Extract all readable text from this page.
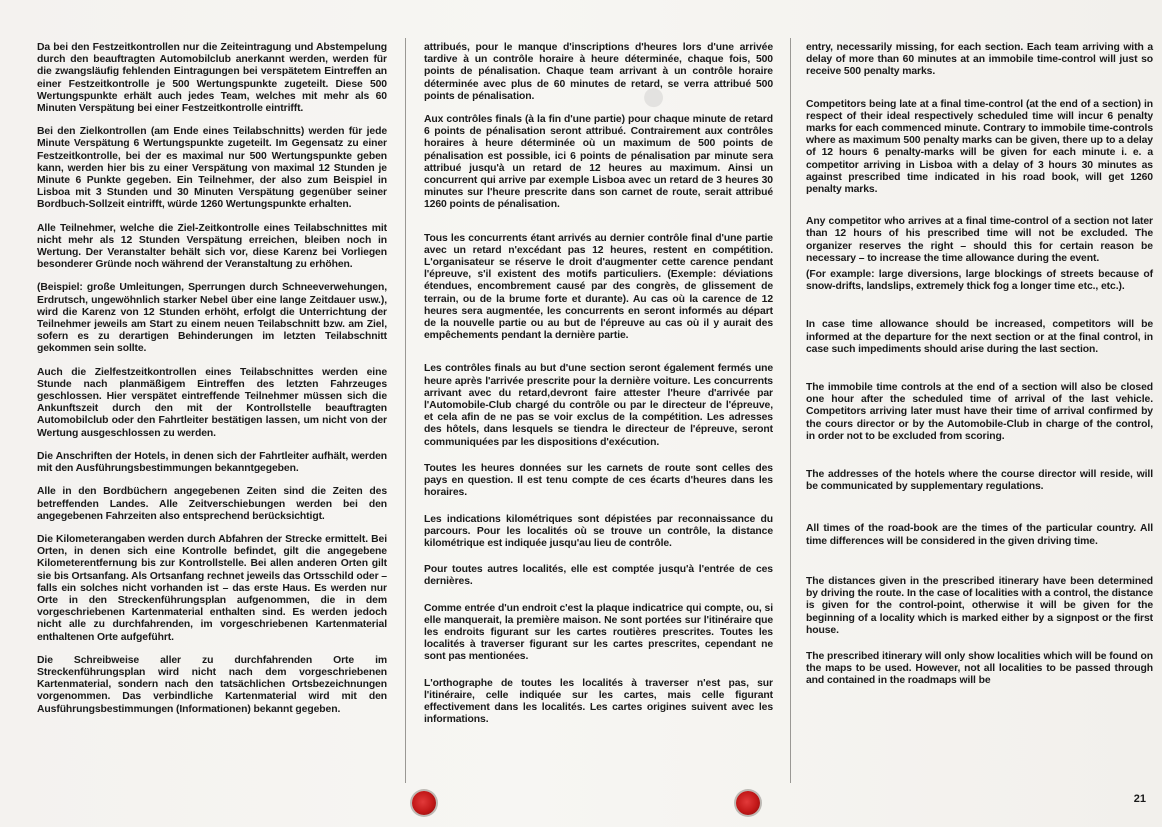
●

Da bei den Festzeitkontrollen nur die Zeiteintragung und Abstempelung durch den beauftragten Automobilclub anerkannt werden, werden für die zwangsläufig fehlenden Eintragungen bei verspätetem Eintreffen an einer Festzeitkontrolle je 500 Wertungspunkte zugeteilt. Diese 500 Wertungspunkte erhält auch jedes Team, welches mit mehr als 60 Minuten Verspätung bei einer Festzeitkontrolle eintrifft.

Bei den Zielkontrollen (am Ende eines Teilabschnitts) werden für jede Minute Verspätung 6 Wertungspunkte zugeteilt. Im Gegensatz zu einer Festzeitkontrolle, bei der es maximal nur 500 Wertungspunkte geben kann, werden hier bis zu einer Verspätung von maximal 12 Stunden je Minute 6 Punkte gegeben. Ein Teilnehmer, der also zum Beispiel in Lisboa mit 3 Stunden und 30 Minuten Verspätung gegenüber seiner Bordbuch-Sollzeit eintrifft, würde 1260 Wertungspunkte erhalten.

Alle Teilnehmer, welche die Ziel-Zeitkontrolle eines Teilabschnittes mit nicht mehr als 12 Stunden Verspätung erreichen, bleiben noch in Wertung. Der Veranstalter behält sich vor, diese Karenz bei Vorliegen besonderer Gründe noch während der Veranstaltung zu erhöhen.

(Beispiel: große Umleitungen, Sperrungen durch Schneeverwehungen, Erdrutsch, ungewöhnlich starker Nebel über eine lange Zeitdauer usw.), wird die Karenz von 12 Stunden erhöht, erfolgt die Unterrichtung der Teilnehmer jeweils am Start zu einem neuen Teilabschnitt bzw. am Ziel, sofern es zu derartigen Behinderungen im letzten Teilabschnitt gekommen sein sollte.

Auch die Zielfestzeitkontrollen eines Teilabschnittes werden eine Stunde nach planmäßigem Eintreffen des letzten Fahrzeuges geschlossen. Hier verspätet eintreffende Teilnehmer müssen sich die Ankunftszeit durch den mit der Kontrollstelle beauftragten Automobilclub oder den Fahrtleiter bestätigen lassen, um nicht von der Wertung ausgeschlossen zu werden.

Die Anschriften der Hotels, in denen sich der Fahrtleiter aufhält, werden mit den Ausführungsbestimmungen bekanntgegeben.

Alle in den Bordbüchern angegebenen Zeiten sind die Zeiten des betreffenden Landes. Alle Zeitverschiebungen werden bei den angegebenen Fahrzeiten also entsprechend berücksichtigt.

Die Kilometerangaben werden durch Abfahren der Strecke ermittelt. Bei Orten, in denen sich eine Kontrolle befindet, gilt die angegebene Kilometerentfernung bis zur Kontrollstelle. Bei allen anderen Orten gilt sie bis Ortsanfang. Als Ortsanfang rechnet jeweils das Ortsschild oder – falls ein solches nicht vorhanden ist – das erste Haus. Es werden nur Orte in den Streckenführungsplan aufgenommen, die in dem vorgeschriebenen Kartenmaterial enthalten sind. Es werden jedoch nicht alle zu durchfahrenden, im vorgeschriebenen Kartenmaterial enthaltenen Orte aufgeführt.

Die Schreibweise aller zu durchfahrenden Orte im Streckenführungsplan wird nicht nach dem vorgeschriebenen Kartenmaterial, sondern nach den tatsächlichen Ortsbezeichnungen vorgenommen. Das verbindliche Kartenmaterial wird mit den Ausführungsbestimmungen (Informationen) bekannt gegeben.

attribués, pour le manque d'inscriptions d'heures lors d'une arrivée tardive à un contrôle horaire à heure déterminée, chaque fois, 500 points de pénalisation. Chaque team arrivant à un contrôle horaire déterminée avec plus de 60 minutes de retard, se verra attribué 500 points de pénalisation.

Aux contrôles finals (à la fin d'une partie) pour chaque minute de retard 6 points de pénalisation seront attribué. Contrairement aux contrôles horaires à heure déterminée où un maximum de 500 points de pénalisation est possible, ici 6 points de pénalisation par minute sera attribué jusqu'à un retard de 12 heures au maximum. Ainsi un concurrent qui arrive par exemple Lisboa avec un retard de 3 heures 30 minutes sur l'heure prescrite dans son carnet de route, serait attribué 1260 points de pénalisation.

Tous les concurrents étant arrivés au dernier contrôle final d'une partie avec un retard n'excédant pas 12 heures, restent en compétition. L'organisateur se réserve le droit d'augmenter cette carence pendant l'épreuve, s'il existent des motifs particuliers. (Exemple: déviations étendues, encombrement causé par des congrès, de glissement de terrain, ou de la brume forte et durante). Au cas où la carence de 12 heures sera augmentée, les concurrents en seront informés au départ de la nouvelle partie ou au but de l'épreuve au cas où il y aurait des empêchements pendant la dernière partie.

Les contrôles finals au but d'une section seront également fermés une heure après l'arrivée prescrite pour la dernière voiture. Les concurrents arrivant avec du retard,devront faire attester l'heure d'arrivée par l'Automobile-Club chargé du contrôle ou par le directeur de l'épreuve, et cela afin de ne pas se voir exclus de la compétition. Les adresses des hôtels, dans lesquels se tiendra le directeur de l'épreuve, seront communiquées par les dispositions d'exécution.

Toutes les heures données sur les carnets de route sont celles des pays en question. Il est tenu compte de ces écarts d'heures dans les horaires.

Les indications kilométriques sont dépistées par reconnaissance du parcours. Pour les localités où se trouve un contrôle, la distance kilométrique est indiquée jusqu'au lieu de contrôle.

Pour toutes autres localités, elle est comptée jusqu'à l'entrée de ces dernières.

Comme entrée d'un endroit c'est la plaque indicatrice qui compte, ou, si elle manquerait, la première maison. Ne sont portées sur l'itinéraire que les endroits figurant sur les cartes routières prescrites. Toutes les localités à traverser figurant sur les cartes prescrites, cependant ne sont pas mentionées.

L'orthographe de toutes les localités à traverser n'est pas, sur l'itinéraire, celle indiquée sur les cartes, mais celle figurant effectivement dans les localités. Les cartes origines suivent avec les informations.

entry, necessarily missing, for each section. Each team arriving with a delay of more than 60 minutes at an immobile time-control will just so receive 500 penalty marks.

Competitors being late at a final time-control (at the end of a section) in respect of their ideal respectively scheduled time will incur 6 penalty marks for each commenced minute. Contrary to immobile time-controls where as maximum 500 penalty marks can be given, there up to a delay of 12 hours 6 penalty-marks will be given for each minute i. e. a competitor arriving in Lisboa with a delay of 3 hours 30 minutes as against prescribed time indicated in his road book, will get 1260 penalty marks.

Any competitor who arrives at a final time-control of a section not later than 12 hours of his prescribed time will not be excluded. The organizer reserves the right – should this for certain reason be necessary – to increase the time allowance during the event.

(For example: large diversions, large blockings of streets because of snow-drifts, landslips, extremely thick fog a longer time etc., etc.).

In case time allowance should be increased, competitors will be informed at the departure for the next section or at the final control, in case such impediments should arise during the last section.

The immobile time controls at the end of a section will also be closed one hour after the scheduled time of arrival of the last vehicle. Competitors arriving later must have their time of arrival confirmed by the cours director or by the Automobile-Club in charge of the control, in order not to be excluded from scoring.

The addresses of the hotels where the course director will reside, will be communicated by supplementary regulations.

All times of the road-book are the times of the particular country. All time differences will be considered in the given driving time.

The distances given in the prescribed itinerary have been determined by driving the route. In the case of localities with a control, the distance is given for the control-point, otherwise it will be given for the beginning of a locality which is marked either by a signpost or the first house.

The prescribed itinerary will only show localities which will be found on the maps to be used. However, not all localities to be passed through and contained in the roadmaps will be

21
